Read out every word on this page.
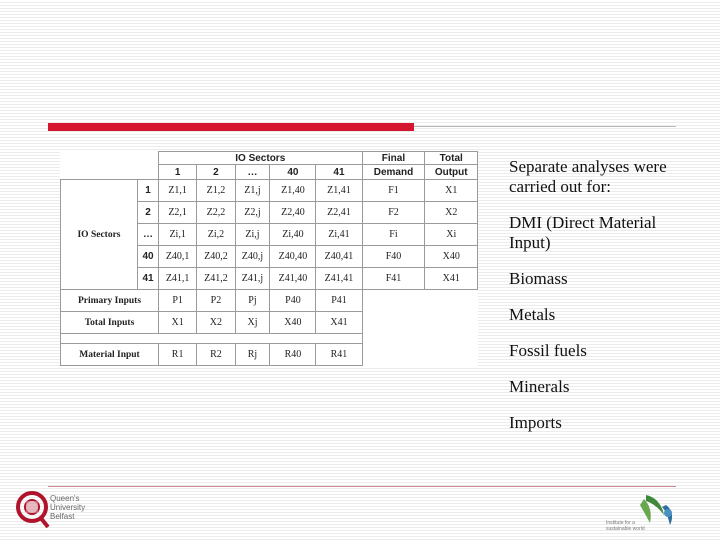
		IO Sectors					Final	Total
		1	2	…	40	41	Demand	Output
IO Sectors	1	Z1,1	Z1,2	Z1,j	Z1,40	Z1,41	F1	X1
	2	Z2,1	Z2,2	Z2,j	Z2,40	Z2,41	F2	X2
	…	Zi,1	Zi,2	Zi,j	Zi,40	Zi,41	Fi	Xi
	40	Z40,1	Z40,2	Z40,j	Z40,40	Z40,41	F40	X40
	41	Z41,1	Z41,2	Z41,j	Z41,40	Z41,41	F41	X41
Primary Inputs		P1	P2	Pj	P40	P41		
Total Inputs		X1	X2	Xj	X40	X41		

Material Input		R1	R2	Rj	R40	R41		
Separate analyses were carried out for:
DMI (Direct Material Input)
Biomass
Metals
Fossil fuels
Minerals
Imports
Queen's University Belfast
Institute for a sustainable world
